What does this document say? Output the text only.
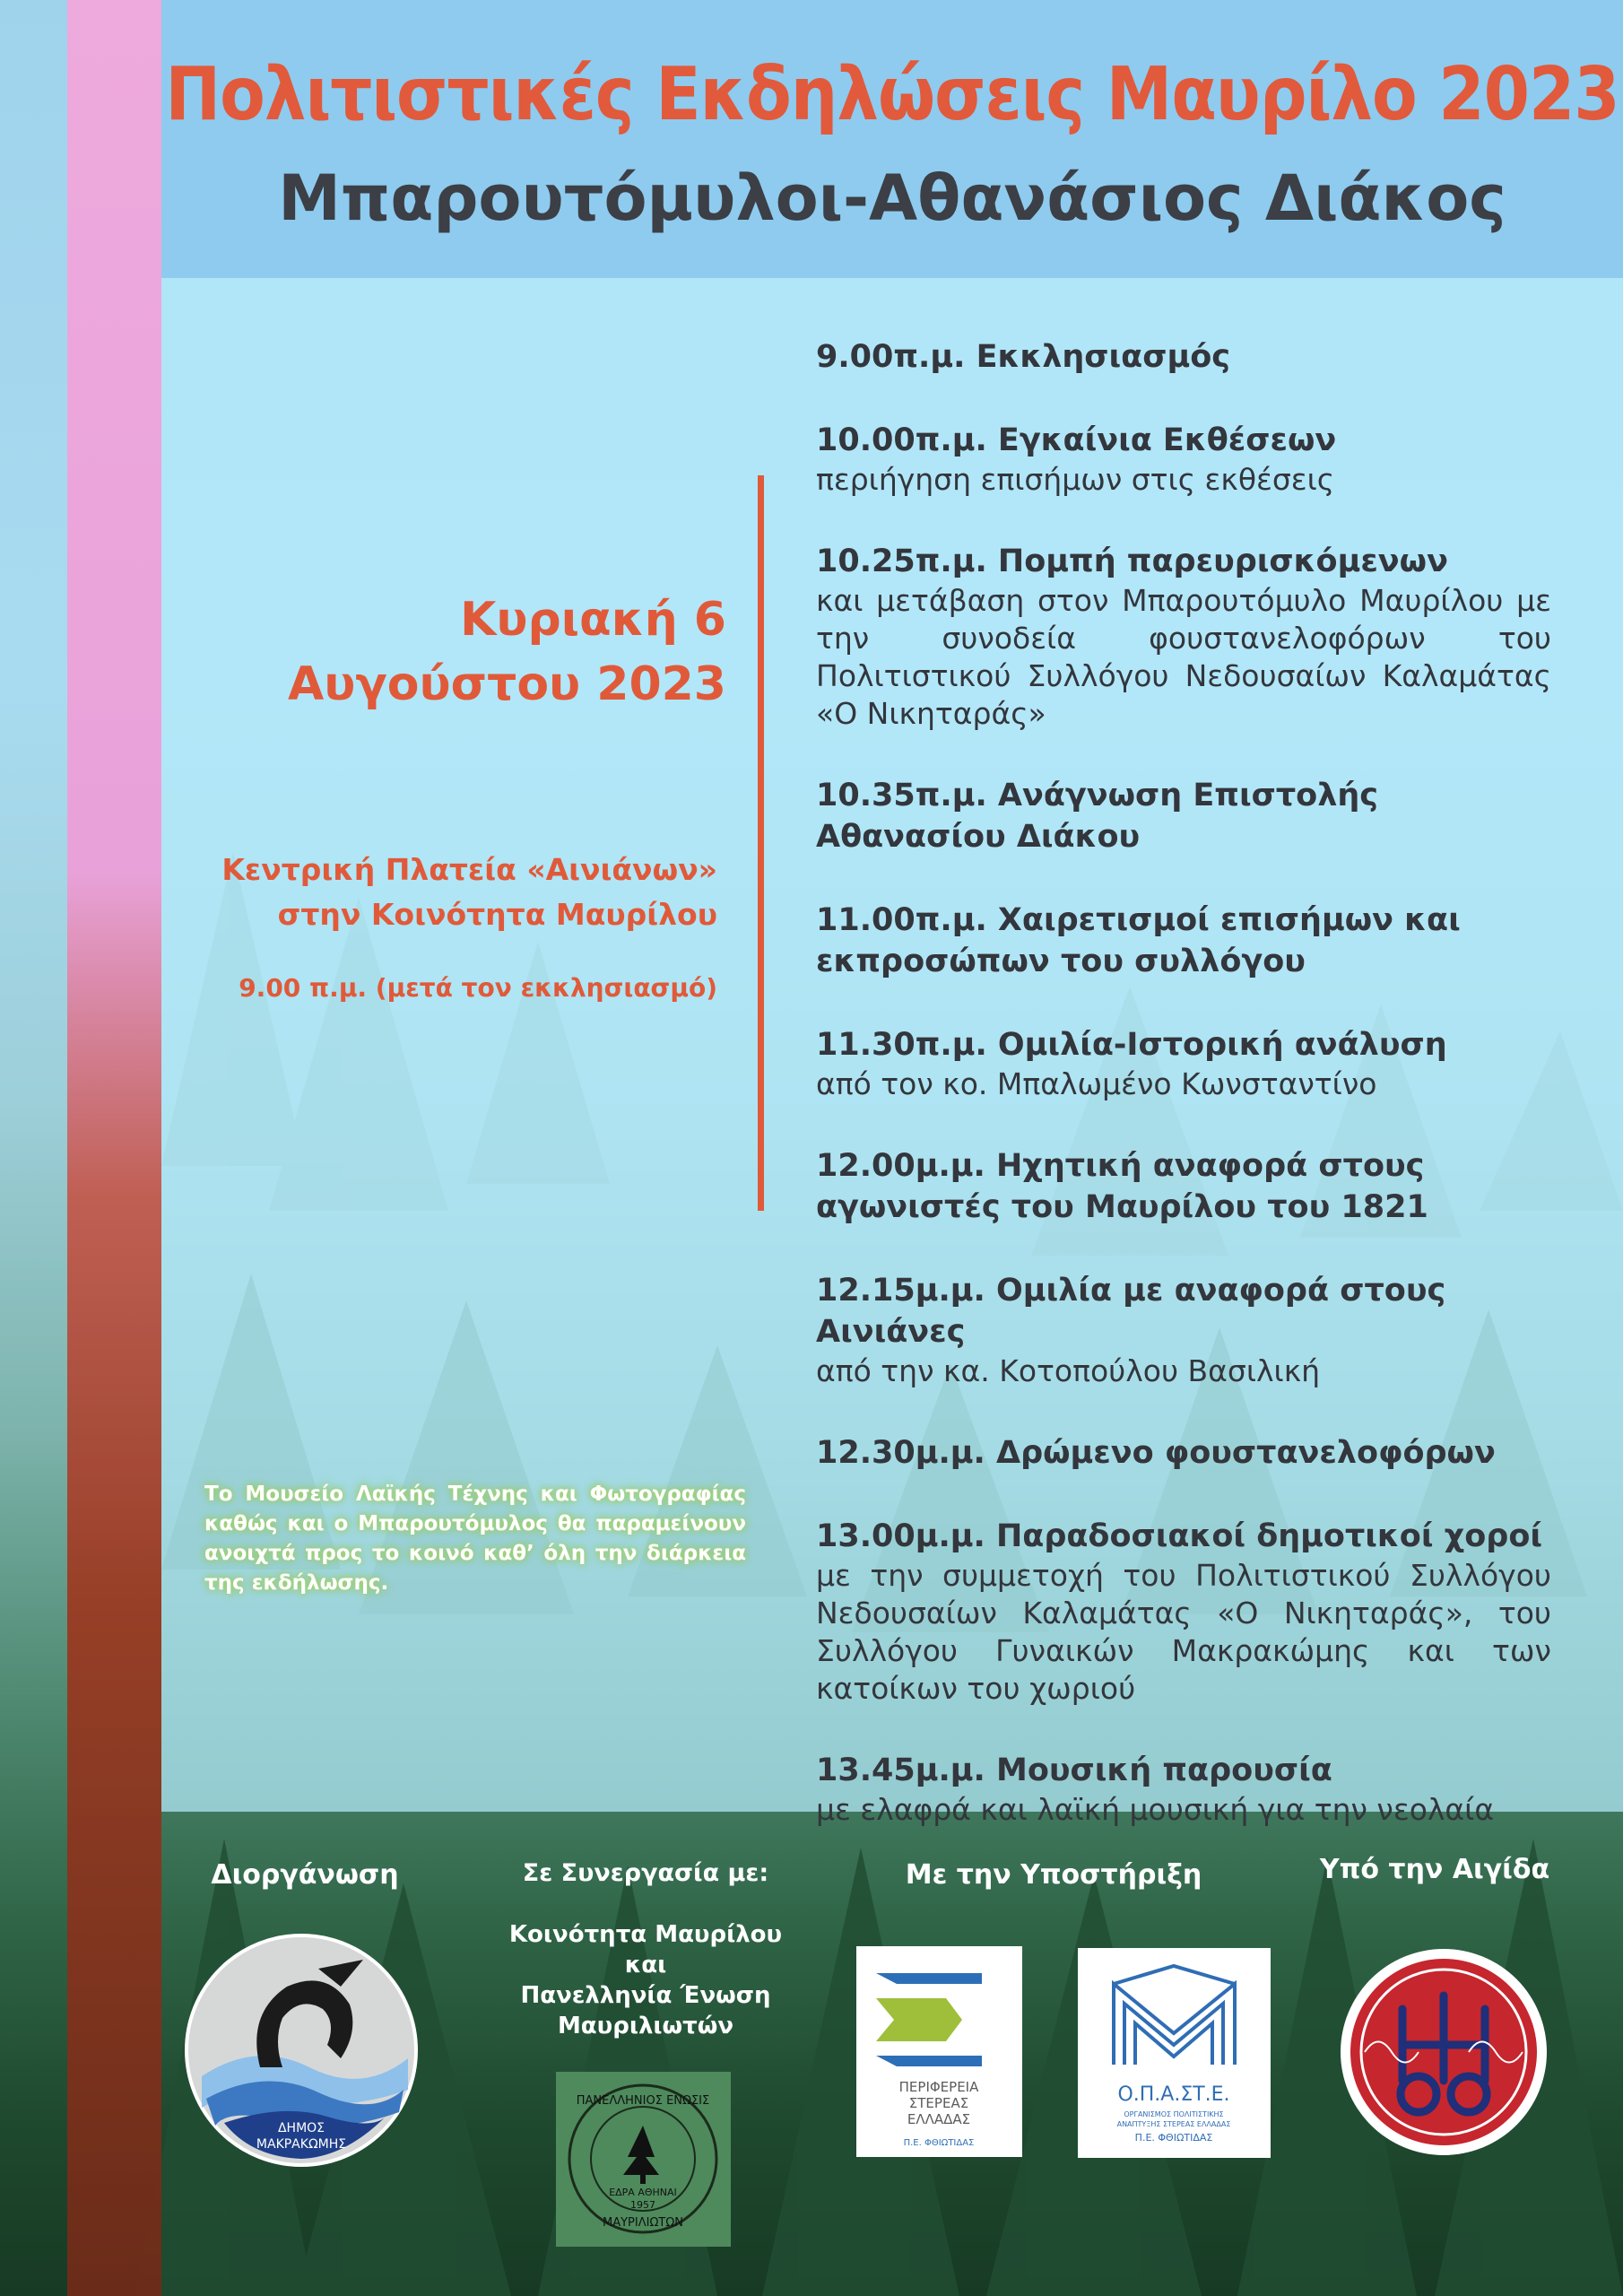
Πολιτιστικές Εκδηλώσεις Μαυρίλο 2023
Μπαρουτόμυλοι-Αθανάσιος Διάκος
Κυριακή 6
Αυγούστου 2023
Κεντρική Πλατεία «Αινιάνων»
στην Κοινότητα Μαυρίλου
9.00 π.μ. (μετά τον εκκλησιασμό)
9.00π.μ. Εκκλησιασμός
10.00π.μ. Εγκαίνια Εκθέσεων
περιήγηση επισήμων στις εκθέσεις
10.25π.μ. Πομπή παρευρισκόμενων
και μετάβαση στον Μπαρουτόμυλο Μαυρίλου με την συνοδεία φουστανελοφόρων του Πολιτιστικού Συλλόγου Νεδουσαίων Καλαμάτας «Ο Νικηταράς»
10.35π.μ. Ανάγνωση Επιστολής Αθανασίου Διάκου
11.00π.μ. Χαιρετισμοί επισήμων και εκπροσώπων του συλλόγου
11.30π.μ. Ομιλία-Ιστορική ανάλυση
από τον κο. Μπαλωμένο Κωνσταντίνο
12.00μ.μ. Ηχητική αναφορά στους αγωνιστές του Μαυρίλου του 1821
12.15μ.μ. Ομιλία με αναφορά στους Αινιάνες
από την κα. Κοτοπούλου Βασιλική
12.30μ.μ. Δρώμενο φουστανελοφόρων
13.00μ.μ. Παραδοσιακοί δημοτικοί χοροί
με την συμμετοχή του Πολιτιστικού Συλλόγου Νεδουσαίων Καλαμάτας «Ο Νικηταράς», του Συλλόγου Γυναικών Μακρακώμης και των κατοίκων του χωριού
13.45μ.μ. Μουσική παρουσία
με ελαφρά και λαϊκή μουσική για την νεολαία
Το Μουσείο Λαϊκής Τέχνης και Φωτογραφίας καθώς και ο Μπαρουτόμυλος θα παραμείνουν ανοιχτά προς το κοινό καθ’ όλη την διάρκεια της εκδήλωσης.
Διοργάνωση	Σε Συνεργασία με:	Με την Υποστήριξη	Υπό την Αιγίδα
Κοινότητα Μαυρίλου
και
Πανελληνία Ένωση
Μαυριλιωτών
ΔΗΜΟΣ
ΜΑΚΡΑΚΩΜΗΣ
ΠΑΝΕΛΛΗΝΙΟΣ ΕΝΩΣΙΣ
ΜΑΥΡΙΛΙΩΤΩΝ
ΕΔΡΑ ΑΘΗΝΑΙ
1957
ΠΕΡΙΦΕΡΕΙΑ
ΣΤΕΡΕΑΣ
ΕΛΛΑΔΑΣ
Π.Ε. ΦΘΙΩΤΙΔΑΣ
Ο.Π.Α.ΣΤ.Ε.
ΟΡΓΑΝΙΣΜΟΣ ΠΟΛΙΤΙΣΤΙΚΗΣ
ΑΝΑΠΤΥΞΗΣ ΣΤΕΡΕΑΣ ΕΛΛΑΔΑΣ
Π.Ε. ΦΘΙΩΤΙΔΑΣ
